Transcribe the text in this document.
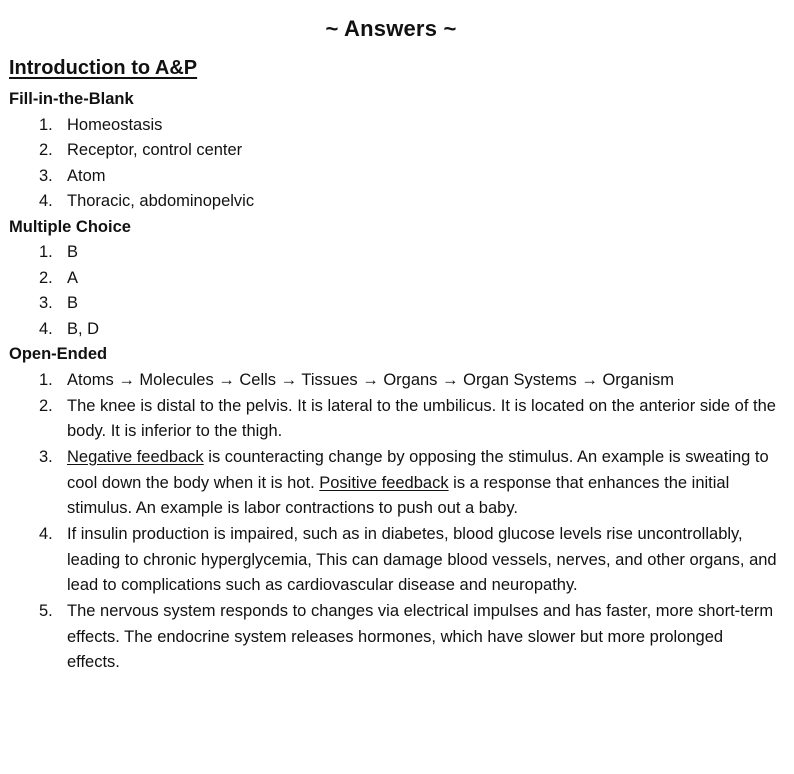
~ Answers ~
Introduction to A&P
Fill-in-the-Blank
1. Homeostasis
2. Receptor, control center
3. Atom
4. Thoracic, abdominopelvic
Multiple Choice
1. B
2. A
3. B
4. B, D
Open-Ended
1. Atoms → Molecules → Cells → Tissues → Organs → Organ Systems → Organism
2. The knee is distal to the pelvis. It is lateral to the umbilicus. It is located on the anterior side of the body. It is inferior to the thigh.
3. Negative feedback is counteracting change by opposing the stimulus. An example is sweating to cool down the body when it is hot. Positive feedback is a response that enhances the initial stimulus. An example is labor contractions to push out a baby.
4. If insulin production is impaired, such as in diabetes, blood glucose levels rise uncontrollably, leading to chronic hyperglycemia, This can damage blood vessels, nerves, and other organs, and lead to complications such as cardiovascular disease and neuropathy.
5. The nervous system responds to changes via electrical impulses and has faster, more short-term effects. The endocrine system releases hormones, which have slower but more prolonged effects.
